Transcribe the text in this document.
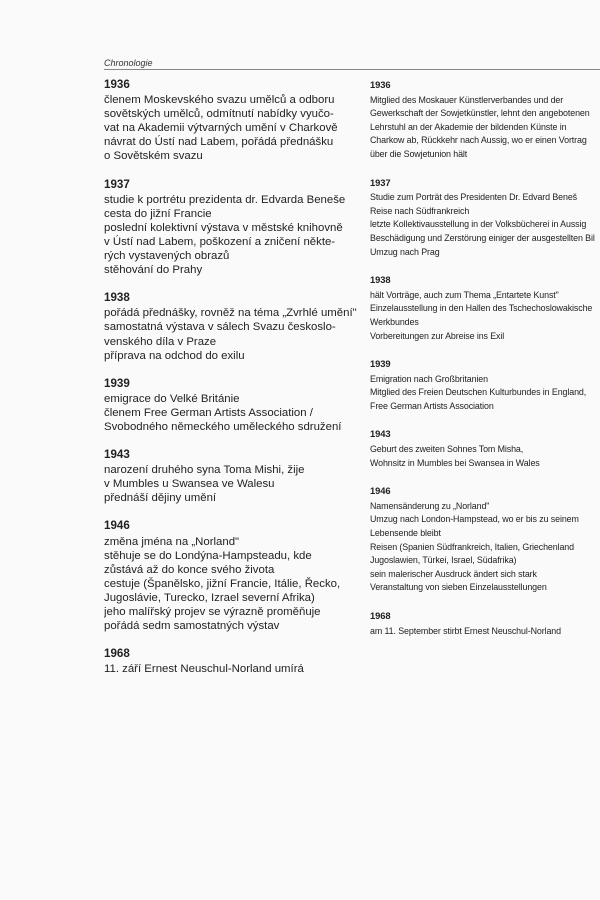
Chronologie
1936
členem Moskevského svazu umělců a odboru
sovětských umělců, odmítnutí nabídky vyučo-
vat na Akademii výtvarných umění v Charkově
návrat do Ústí nad Labem, pořádá přednášku
o Sovětském svazu
1937
studie k portrétu prezidenta dr. Edvarda Beneše
cesta do jižní Francie
poslední kolektivní výstava v městské knihovně
v Ústí nad Labem, poškození a zničení někte-
rých vystavených obrazů
stěhování do Prahy
1938
pořádá přednášky, rovněž na téma „Zvrhlé umění"
samostatná výstava v sálech Svazu českoslo-
venského díla v Praze
příprava na odchod do exilu
1939
emigrace do Velké Británie
členem Free German Artists Association /
Svobodného německého uměleckého sdružení
1943
narození druhého syna Toma Mishi, žije
v Mumbles u Swansea ve Walesu
přednáší dějiny umění
1946
změna jména na „Norland"
stěhuje se do Londýna-Hampsteadu, kde
zůstává až do konce svého života
cestuje (Španělsko, jižní Francie, Itálie, Řecko,
Jugoslávie, Turecko, Izrael severní Afrika)
jeho malířský projev se výrazně proměňuje
pořádá sedm samostatných výstav
1968
11. září Ernest Neuschul-Norland umírá
1936
Mitglied des Moskauer Künstlerverbandes und der
Gewerkschaft der Sowjetkünstler, lehnt den angebotenen
Lehrstuhl an der Akademie der bildenden Künste in
Charkow ab, Rückkehr nach Aussig, wo er einen Vortrag
über die Sowjetunion hält
1937
Studie zum Porträt des Presidenten Dr. Edvard Beneš
Reise nach Südfrankreich
letzte Kollektivausstellung in der Volksbücherei in Aussig
Beschädigung und Zerstörung einiger der ausgestellten Bil
Umzug nach Prag
1938
hält Vorträge, auch zum Thema „Entartete Kunst"
Einzelausstellung in den Hallen des Tschechoslowakische
Werkbundes
Vorbereitungen zur Abreise ins Exil
1939
Emigration nach Großbritanien
Mitglied des Freien Deutschen Kulturbundes in England,
Free German Artists Association
1943
Geburt des zweiten Sohnes Tom Misha,
Wohnsitz in Mumbles bei Swansea in Wales
1946
Namensänderung zu „Norland"
Umzug nach London-Hampstead, wo er bis zu seinem
Lebensende bleibt
Reisen (Spanien Südfrankreich, Italien, Griechenland
Jugoslawien, Türkei, Israel, Südafrika)
sein malerischer Ausdruck ändert sich stark
Veranstaltung von sieben Einzelausstellungen
1968
am 11. September stirbt Ernest Neuschul-Norland
